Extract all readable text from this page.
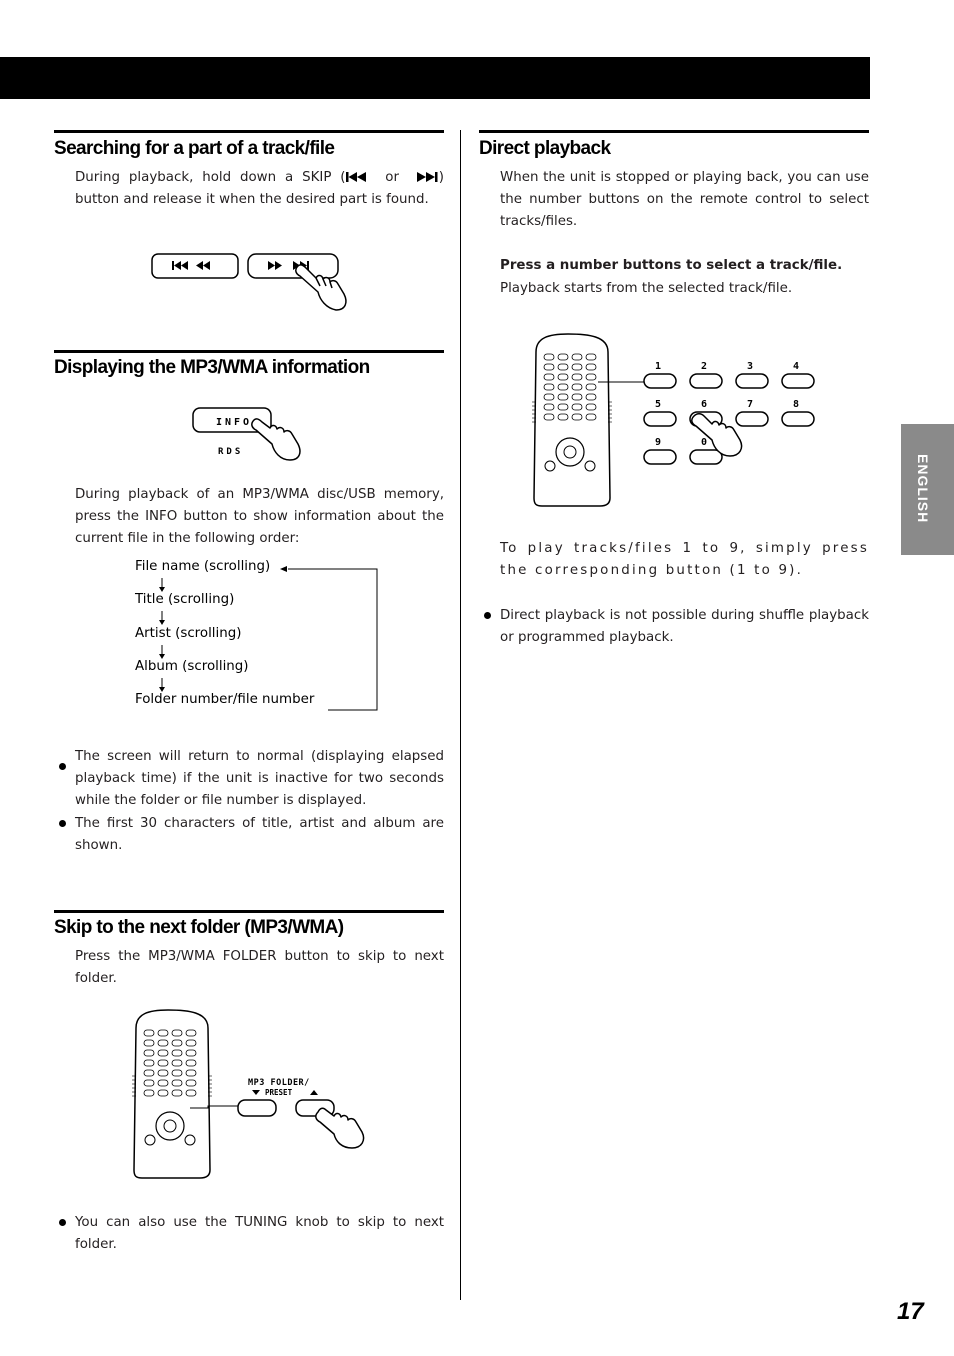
Searching for a part of a track/file
During playback, hold down a SKIP (	or	) button and release it when the desired part is found.
Displaying the MP3/WMA information
INFO
RDS
During playback of an MP3/WMA disc/USB memory, press the INFO button to show information about the current file in the following order:
File name (scrolling)
Title (scrolling)
Artist (scrolling)
Album (scrolling)
Folder number/file number
The screen will return to normal (displaying elapsed playback time) if the unit is inactive for two seconds while the folder or file number is displayed.
The first 30 characters of title, artist and album are shown.
Skip to the next folder (MP3/WMA)
Press the MP3/WMA FOLDER button to skip to next folder.
MP3 FOLDER/
PRESET
You can also use the TUNING knob to skip to next folder.
Direct playback
When the unit is stopped or playing back, you can use the number buttons on the remote control to select tracks/files.
Press a number buttons to select a track/file.
Playback starts from the selected track/file.
1	2	3	4
5	6	7	8
9	0
To play tracks/files 1 to 9, simply press the corresponding button (1 to 9).
Direct playback is not possible during shuffle playback or programmed playback.
ENGLISH
17
